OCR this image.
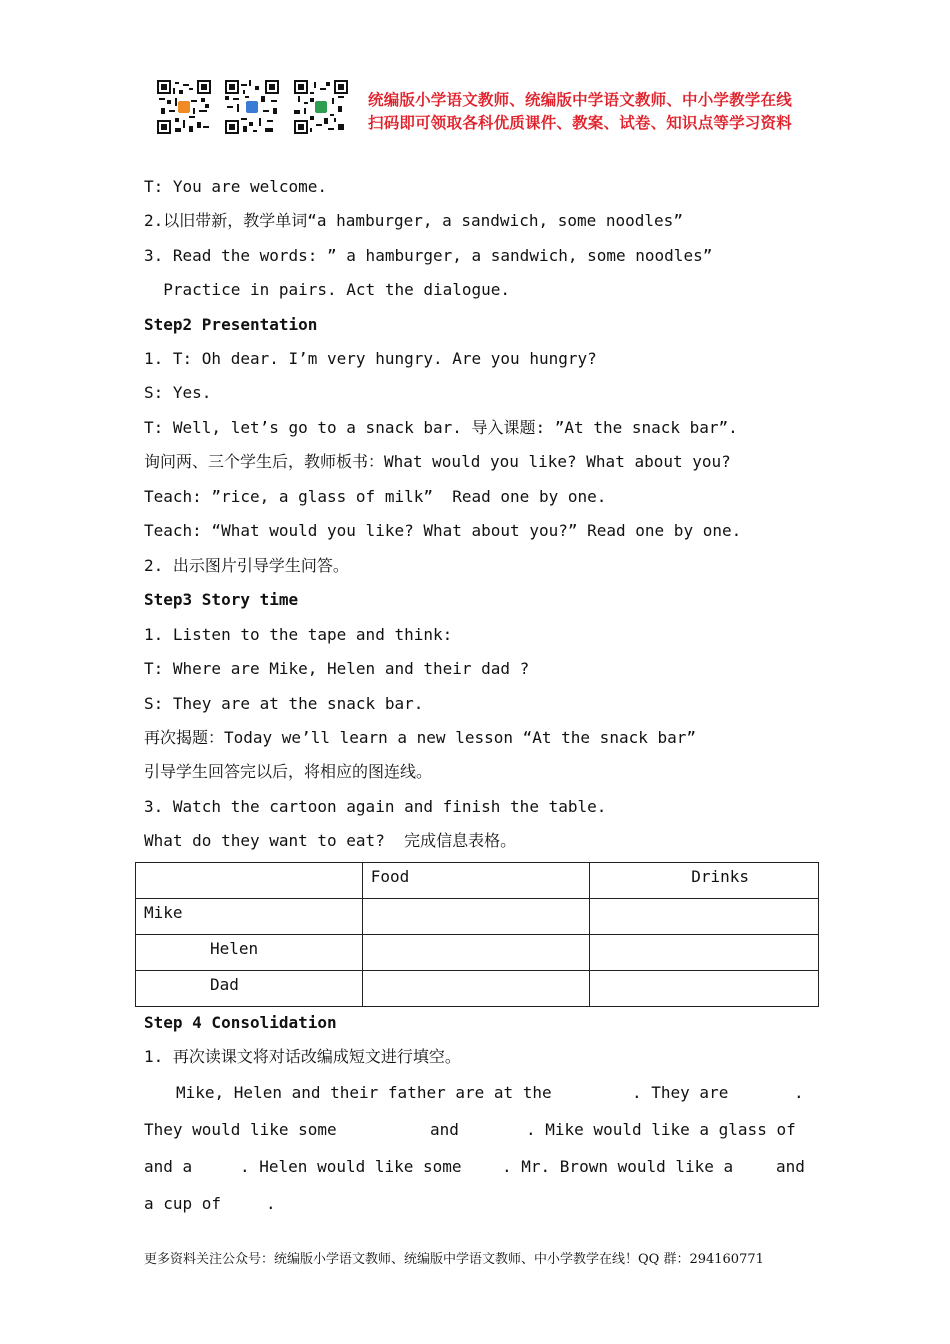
统编版小学语文教师、统编版中学语文教师、中小学教学在线
扫码即可领取各科优质课件、教案、试卷、知识点等学习资料
T: You are welcome.
2.以旧带新，教学单词“a hamburger, a sandwich, some noodles”
3. Read the words: ” a hamburger, a sandwich, some noodles”
Practice in pairs. Act the dialogue.
Step2 Presentation
1. T: Oh dear. I’m very hungry. Are you hungry?
S: Yes.
T: Well, let’s go to a snack bar. 导入课题: ”At the snack bar”.
询问两、三个学生后，教师板书：What would you like? What about you?
Teach: ”rice, a glass of milk”  Read one by one.
Teach: “What would you like? What about you?” Read one by one.
2. 出示图片引导学生问答。
Step3 Story time
1. Listen to the tape and think:
T: Where are Mike, Helen and their dad ?
S: They are at the snack bar.
再次揭题：Today we’ll learn a new lesson “At the snack bar”
引导学生回答完以后，将相应的图连线。
3. Watch the cartoon again and finish the table.
What do they want to eat?  完成信息表格。
	Food	Drinks
Mike		
Helen		
Dad		
Step 4 Consolidation
1. 再次读课文将对话改编成短文进行填空。
Mike, Helen and their father are at the	. They are	.
They would like some	and	. Mike would like a glass of
and a	. Helen would like some	. Mr. Brown would like a	and
a cup of	.
更多资料关注公众号：统编版小学语文教师、统编版中学语文教师、中小学教学在线！QQ 群：294160771
